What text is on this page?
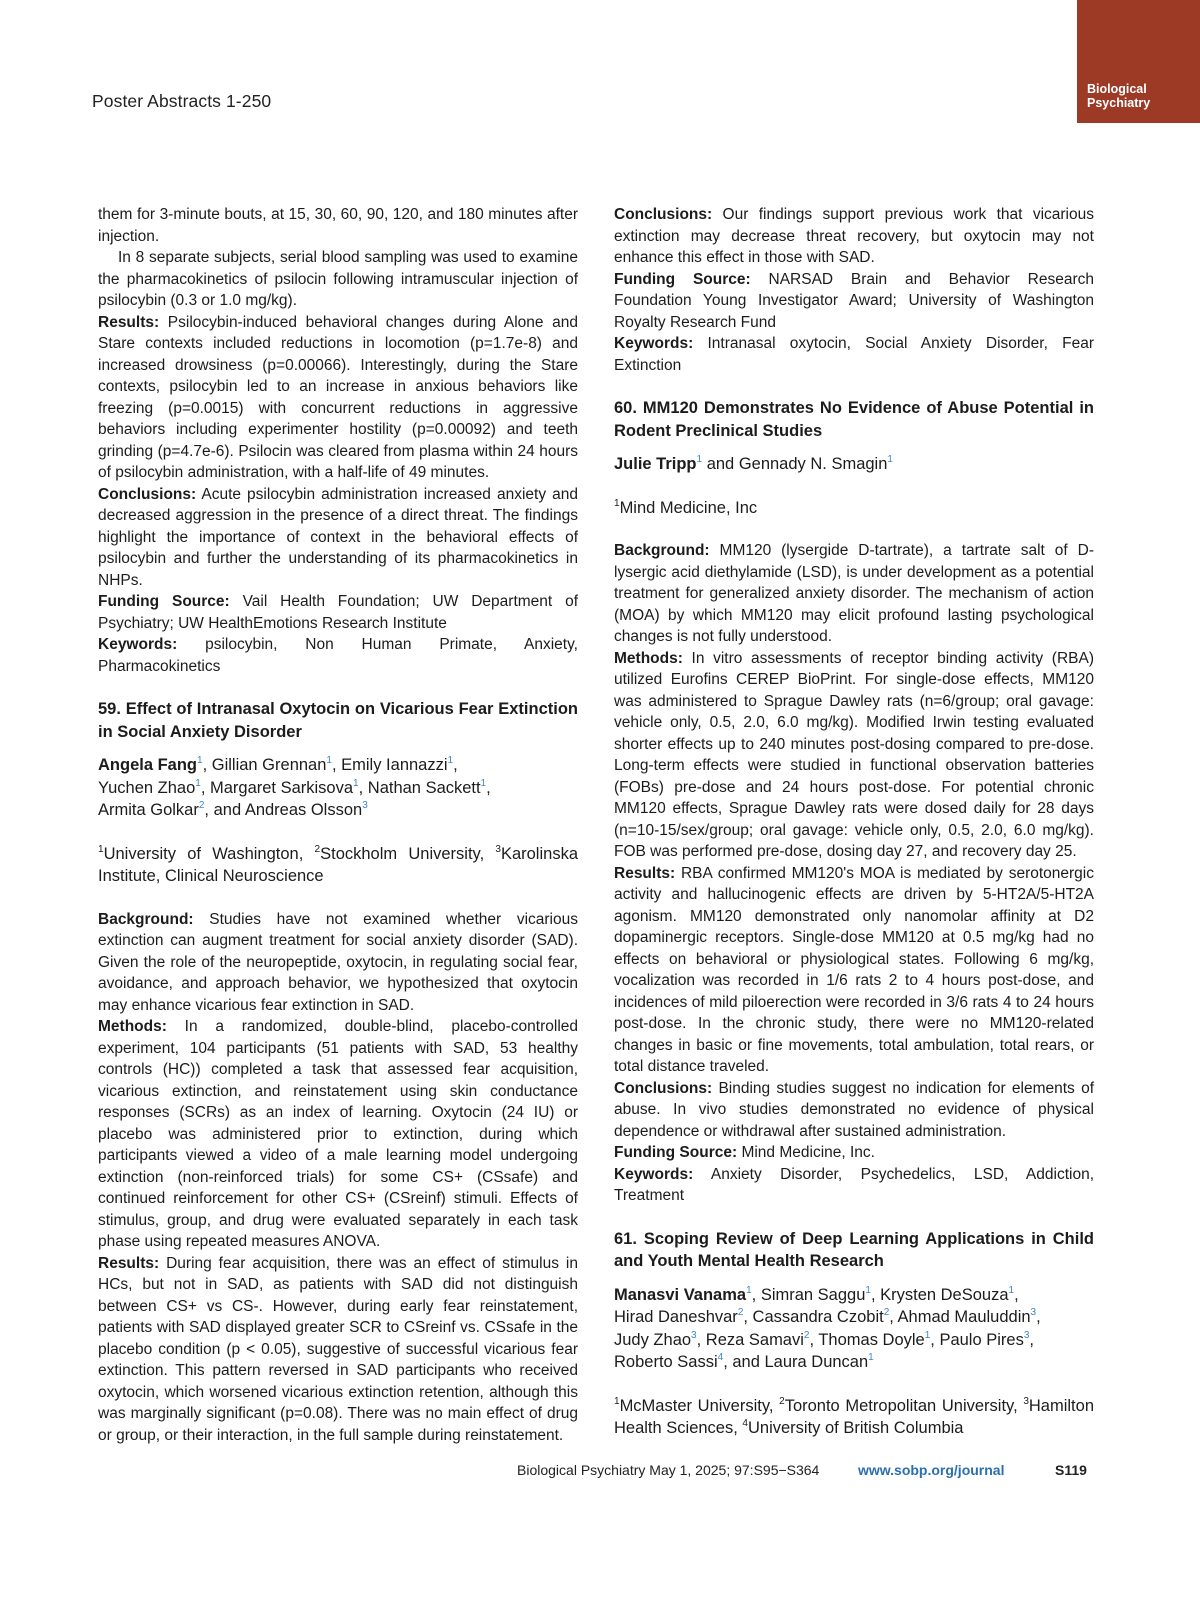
Poster Abstracts 1-250
Biological
Psychiatry

them for 3-minute bouts, at 15, 30, 60, 90, 120, and 180 minutes after injection.

In 8 separate subjects, serial blood sampling was used to examine the pharmacokinetics of psilocin following intramuscular injection of psilocybin (0.3 or 1.0 mg/kg).

Results: Psilocybin-induced behavioral changes during Alone and Stare contexts included reductions in locomotion (p=1.7e-8) and increased drowsiness (p=0.00066). Interestingly, during the Stare contexts, psilocybin led to an increase in anxious behaviors like freezing (p=0.0015) with concurrent reductions in aggressive behaviors including experimenter hostility (p=0.00092) and teeth grinding (p=4.7e-6). Psilocin was cleared from plasma within 24 hours of psilocybin administration, with a half-life of 49 minutes.

Conclusions: Acute psilocybin administration increased anxiety and decreased aggression in the presence of a direct threat. The findings highlight the importance of context in the behavioral effects of psilocybin and further the understanding of its pharmacokinetics in NHPs.

Funding Source: Vail Health Foundation; UW Department of Psychiatry; UW HealthEmotions Research Institute

Keywords: psilocybin, Non Human Primate, Anxiety, Pharmacokinetics

59. Effect of Intranasal Oxytocin on Vicarious Fear Extinction in Social Anxiety Disorder

Angela Fang$^1$, Gillian Grennan$^1$, Emily Iannazzi$^1$,
Yuchen Zhao$^1$, Margaret Sarkisova$^1$, Nathan Sackett$^1$,
Armita Golkar$^2$, and Andreas Olsson$^3$

$^1$University of Washington, $^2$Stockholm University, $^3$Karolinska Institute, Clinical Neuroscience

Background: Studies have not examined whether vicarious extinction can augment treatment for social anxiety disorder (SAD). Given the role of the neuropeptide, oxytocin, in regulating social fear, avoidance, and approach behavior, we hypothesized that oxytocin may enhance vicarious fear extinction in SAD.

Methods: In a randomized, double-blind, placebo-controlled experiment, 104 participants (51 patients with SAD, 53 healthy controls (HC)) completed a task that assessed fear acquisition, vicarious extinction, and reinstatement using skin conductance responses (SCRs) as an index of learning. Oxytocin (24 IU) or placebo was administered prior to extinction, during which participants viewed a video of a male learning model undergoing extinction (non-reinforced trials) for some CS+ (CSsafe) and continued reinforcement for other CS+ (CSreinf) stimuli. Effects of stimulus, group, and drug were evaluated separately in each task phase using repeated measures ANOVA.

Results: During fear acquisition, there was an effect of stimulus in HCs, but not in SAD, as patients with SAD did not distinguish between CS+ vs CS-. However, during early fear reinstatement, patients with SAD displayed greater SCR to CSreinf vs. CSsafe in the placebo condition (p < 0.05), suggestive of successful vicarious fear extinction. This pattern reversed in SAD participants who received oxytocin, which worsened vicarious extinction retention, although this was marginally significant (p=0.08). There was no main effect of drug or group, or their interaction, in the full sample during reinstatement.

Conclusions: Our findings support previous work that vicarious extinction may decrease threat recovery, but oxytocin may not enhance this effect in those with SAD.

Funding Source: NARSAD Brain and Behavior Research Foundation Young Investigator Award; University of Washington Royalty Research Fund

Keywords: Intranasal oxytocin, Social Anxiety Disorder, Fear Extinction

60. MM120 Demonstrates No Evidence of Abuse Potential in Rodent Preclinical Studies

Julie Tripp$^1$ and Gennady N. Smagin$^1$

$^1$Mind Medicine, Inc

Background: MM120 (lysergide D-tartrate), a tartrate salt of D-lysergic acid diethylamide (LSD), is under development as a potential treatment for generalized anxiety disorder. The mechanism of action (MOA) by which MM120 may elicit profound lasting psychological changes is not fully understood.

Methods: In vitro assessments of receptor binding activity (RBA) utilized Eurofins CEREP BioPrint. For single-dose effects, MM120 was administered to Sprague Dawley rats (n=6/group; oral gavage: vehicle only, 0.5, 2.0, 6.0 mg/kg). Modified Irwin testing evaluated shorter effects up to 240 minutes post-dosing compared to pre-dose. Long-term effects were studied in functional observation batteries (FOBs) pre-dose and 24 hours post-dose. For potential chronic MM120 effects, Sprague Dawley rats were dosed daily for 28 days (n=10-15/sex/group; oral gavage: vehicle only, 0.5, 2.0, 6.0 mg/kg). FOB was performed pre-dose, dosing day 27, and recovery day 25.

Results: RBA confirmed MM120's MOA is mediated by serotonergic activity and hallucinogenic effects are driven by 5-HT2A/5-HT2A agonism. MM120 demonstrated only nanomolar affinity at D2 dopaminergic receptors. Single-dose MM120 at 0.5 mg/kg had no effects on behavioral or physiological states. Following 6 mg/kg, vocalization was recorded in 1/6 rats 2 to 4 hours post-dose, and incidences of mild piloerection were recorded in 3/6 rats 4 to 24 hours post-dose. In the chronic study, there were no MM120-related changes in basic or fine movements, total ambulation, total rears, or total distance traveled.

Conclusions: Binding studies suggest no indication for elements of abuse. In vivo studies demonstrated no evidence of physical dependence or withdrawal after sustained administration.

Funding Source: Mind Medicine, Inc.

Keywords: Anxiety Disorder, Psychedelics, LSD, Addiction, Treatment

61. Scoping Review of Deep Learning Applications in Child and Youth Mental Health Research

Manasvi Vanama$^1$, Simran Saggu$^1$, Krysten DeSouza$^1$,
Hirad Daneshvar$^2$, Cassandra Czobit$^2$, Ahmad Mauluddin$^3$,
Judy Zhao$^3$, Reza Samavi$^2$, Thomas Doyle$^1$, Paulo Pires$^3$,
Roberto Sassi$^4$, and Laura Duncan$^1$

$^1$McMaster University, $^2$Toronto Metropolitan University, $^3$Hamilton Health Sciences, $^4$University of British Columbia

Biological Psychiatry May 1, 2025; 97:S95−S364	www.sobp.org/journal	S119
